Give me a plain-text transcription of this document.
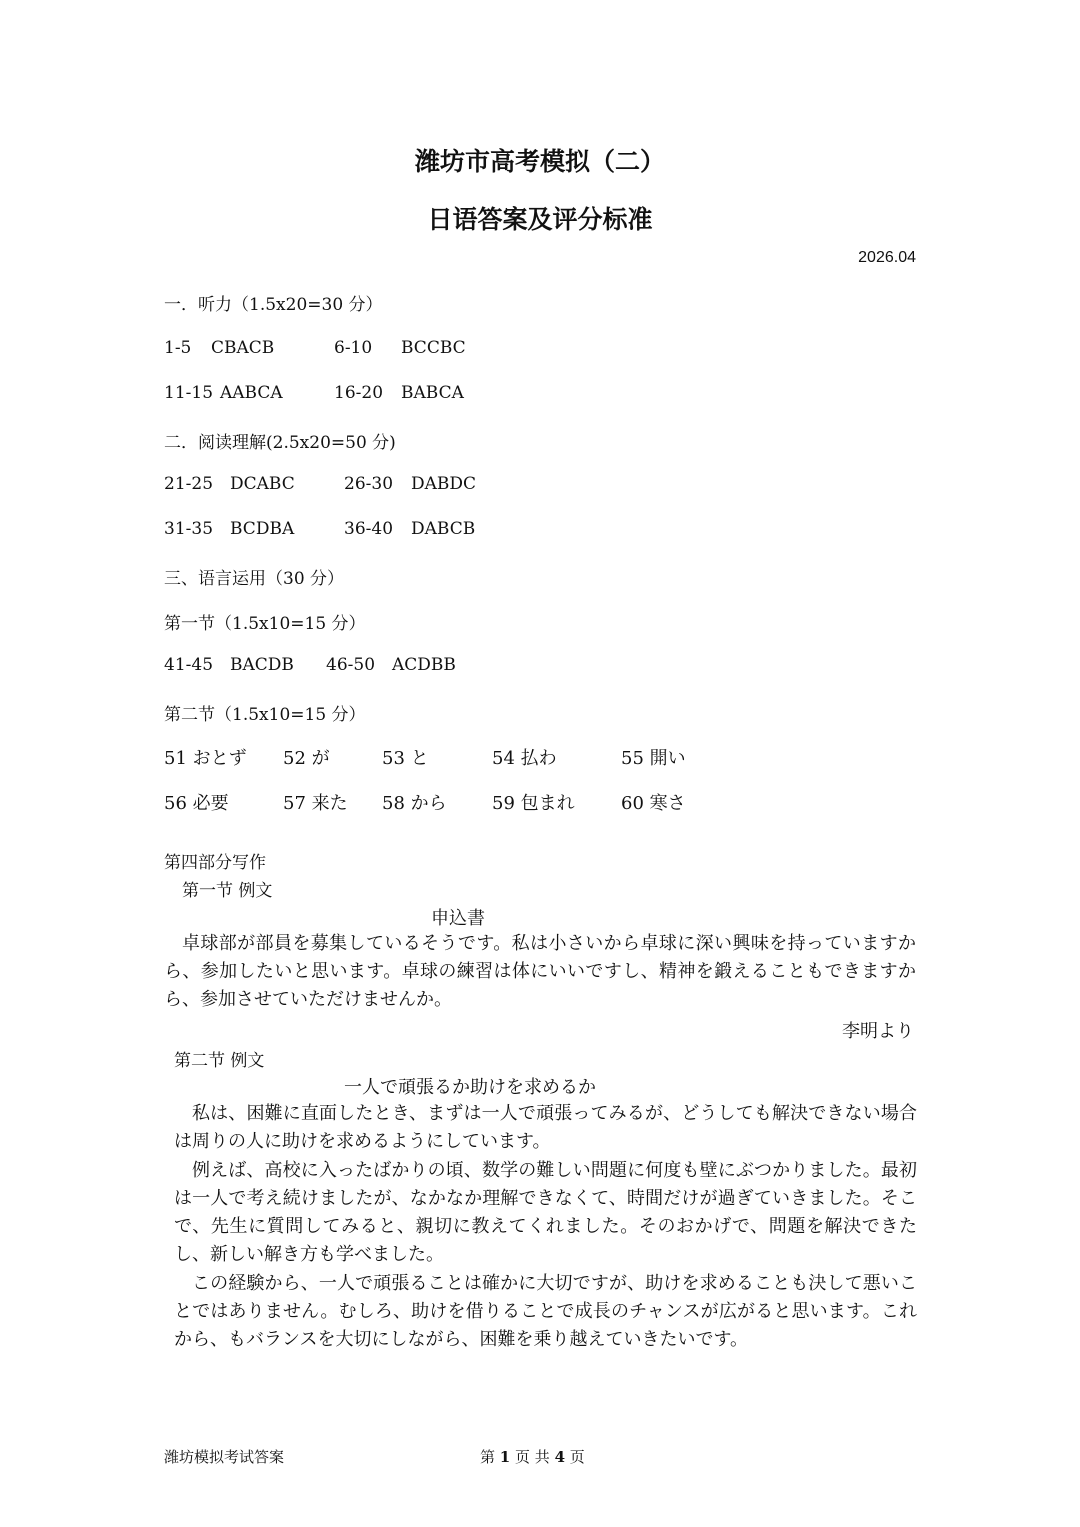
潍坊市高考模拟（二）
日语答案及评分标准
2026.04
一．听力（1.5x20=30 分）
1-5 CBACB	6-10 BCCBC
11-15 AABCA	16-20 BABCA
二．阅读理解(2.5x20=50 分)
21-25 DCABC	26-30 DABDC
31-35 BCDBA	36-40 DABCB
三、语言运用（30 分）
第一节（1.5x10=15 分）
41-45 BACDB 46-50 ACDBB
第二节（1.5x10=15 分）
51 おとず 52 が	53 と	54 払わ	55 開い
56 必要	57 来た 58 から	59 包まれ	60 寒さ
第四部分写作
第一节 例文
申込書
卓球部が部員を募集しているそうです。私は小さいから卓球に深い興味を持っていますから、参加したいと思います。卓球の練習は体にいいですし、精神を鍛えることもできますから、参加させていただけませんか。
李明より
第二节 例文
一人で頑張るか助けを求めるか
私は、困難に直面したとき、まずは一人で頑張ってみるが、どうしても解決できない場合は周りの人に助けを求めるようにしています。
例えば、高校に入ったばかりの頃、数学の難しい問題に何度も壁にぶつかりました。最初は一人で考え続けましたが、なかなか理解できなくて、時間だけが過ぎていきました。そこで、先生に質問してみると、親切に教えてくれました。そのおかげで、問題を解決できたし、新しい解き方も学べました。
この経験から、一人で頑張ることは確かに大切ですが、助けを求めることも決して悪いことではありません。むしろ、助けを借りることで成長のチャンスが広がると思います。これから、もバランスを大切にしながら、困難を乗り越えていきたいです。
潍坊模拟考试答案	第 1 页 共 4 页
